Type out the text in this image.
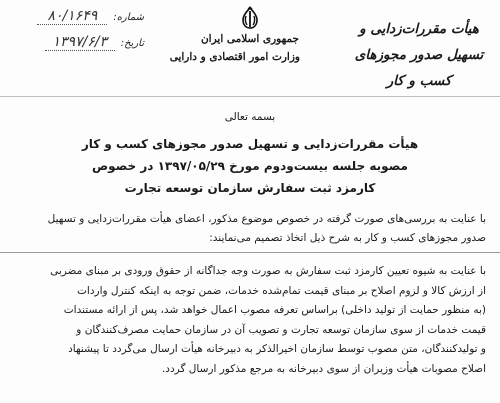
شماره:
۸۰/۱۶۴۹
تاریخ:
۱۳۹۷/۶/۳	جمهوری اسلامی ایران
وزارت امور اقتصادی و دارایی
هیأت مقررات‌زدایی و
تسهیل صدور مجوزهای کسب و کار
بسمه تعالی
هیأت مقررات‌زدایی و تسهیل صدور مجوزهای کسب و کار
مصوبه جلسه بیست‌ودوم مورخ ۱۳۹۷/۰۵/۲۹ در خصوص
کارمزد ثبت سفارش سازمان توسعه تجارت
با عنایت به بررسی‌های صورت گرفته در خصوص موضوع مذکور، اعضای هیأت مقررات‌زدایی و تسهیل
صدور مجوزهای کسب و کار به شرح ذیل اتخاذ تصمیم می‌نمایند:
با عنایت به شیوه تعیین کارمزد ثبت سفارش به صورت وجه جداگانه از حقوق ورودی بر مبنای مضربی
از ارزش کالا و لزوم اصلاح بر مبنای قیمت تمام‌شده خدمات، ضمن توجه به اینکه کنترل واردات
(به منظور حمایت از تولید داخلی) براساس تعرفه مصوب اعمال خواهد شد، پس از ارائه مستندات
قیمت خدمات از سوی سازمان توسعه تجارت و تصویب آن در سازمان حمایت مصرف‌کنندگان و
و تولیدکنندگان، متن مصوب توسط سازمان اخیرالذکر به دبیرخانه هیأت ارسال می‌گردد تا پیشنهاد
اصلاح مصوبات هیأت وزیران از سوی دبیرخانه به مرجع مذکور ارسال گردد.
